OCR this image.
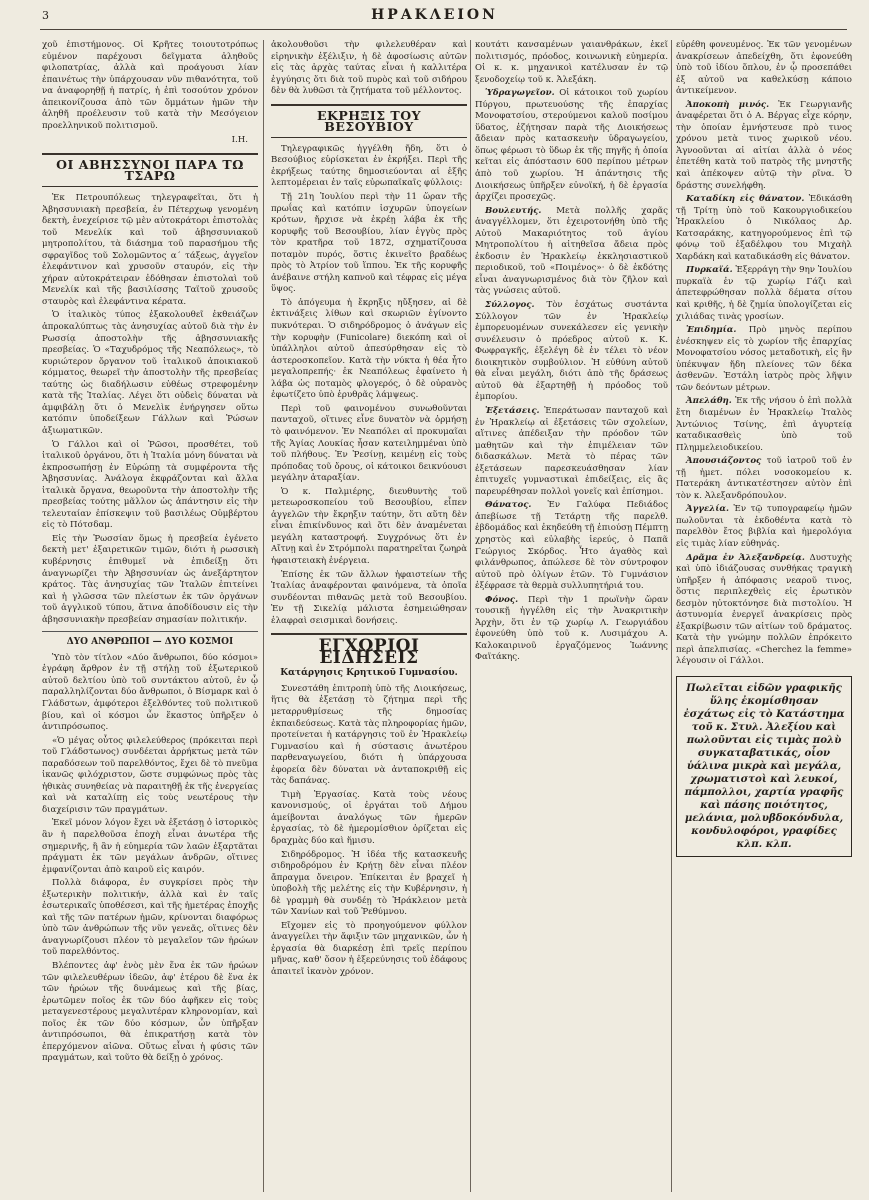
3	ΗΡΑΚΛΕΙΟΝ

χοῦ ἐπιστήμονος. Οἱ Κρῆτες τοιουτοτρόπως εὐμένον παρέχουσι δεῖγματα ἀληθοῦς φιλοπατρίας, ἀλλὰ καὶ προάγουσι λίαν ἐπαινέτως τὴν ὑπάρχουσαν νῦν πιθανότητα, τοῦ να ἀναφορηθῇ ἡ πατρίς, ἡ ἐπὶ τοσούτον χρόνον ἀπεικονίζουσα ἀπὸ τῶν ὄμμάτων ἡμῶν τὴν ἀληθῆ προέλευσιν τοῦ κατὰ τὴν Μεσόγειον προελληνικοῦ πολιτισμοῦ.

Ι.Η.

ΟΙ ΑΒΗΣΣΥΝΟΙ ΠΑΡΑ ΤΩ ΤΣΑΡΩ

Ἐκ Πετρουπόλεως τηλεγραφεῖται, ὅτι ἡ Ἀβησσυνιακὴ πρεσβεία, ἐν Πέτερχωφ γενομένη δεκτὴ, ἐνεχείρισε τῷ μὲν αὐτοκράτορι ἐπιστολὰς τοῦ Μενελίκ καὶ τοῦ ἀβησσυνιακοῦ μητροπολίτου, τὰ διάσημα τοῦ παρασήμου τῆς σφραγῖδος τοῦ Σολομῶντος α΄ τάξεως, ἀγγεῖον ἐλεφάντινον καὶ χρυσοῦν σταυρόν, εἰς τὴν χήραν αὐτοκράτειραν ἐδόθησαν ἐπιστολαὶ τοῦ Μενελίκ καὶ τῆς βασιλίσσης Ταϊτοῦ χρυσοῦς σταυρὸς καὶ ἐλεφάντινα κέρατα.

Ὁ ἰταλικὸς τύπος ἐξακολουθεῖ ἐκθειάζων ἀπροκαλύπτως τὰς ἀνησυχίας αὐτοῦ διὰ τὴν ἐν Ρωσσίᾳ ἀποστολὴν τῆς ἀβησσυνιακῆς πρεσβείας. Ὁ «Ταχυδρόμος τῆς Νεαπόλεως», τὸ κυριώτερον ὄργανον τοῦ ἰταλικοῦ ἀποικιακοῦ κόμματος, θεωρεῖ τὴν ἀποστολὴν τῆς πρεσβείας ταύτης ὡς διαδήλωσιν εὐθέως στρεφομένην κατὰ τῆς Ἰταλίας. Λέγει ὅτι οὐδεὶς δύναται νὰ ἀμφιβάλῃ ὅτι ὁ Μενελὶκ ἐνήργησεν οὕτω κατόπιν ὑποδείξεων Γάλλων καὶ Ῥώσων ἀξιωματικῶν.

Ὁ Γάλλοι καὶ οἱ Ῥῶσοι, προσθέτει, τοῦ ἰταλικοῦ ὀργάνου, ὅτι ἡ Ἰταλία μόνη δύναται νὰ ἐκπροσωπήσῃ ἐν Εὐρώπῃ τὰ συμφέροντα τῆς Ἀβησσυνίας. Ἀνάλογα ἐκφράζονται καὶ ἄλλα ἰταλικὰ ὄργανα, θεωροῦντα τὴν ἀποστολὴν τῆς πρεσβείας τούτης μᾶλλον ὡς ἀπάντησιν εἰς τὴν τελευταίαν ἐπίσκεψιν τοῦ βασιλέως Οὑμβέρτου εἰς τὸ Πότσδαμ.

Εἰς τὴν Ῥωσσίαν ὅμως ἡ πρεσβεία ἐγένετο δεκτὴ μετ' ἐξαιρετικῶν τιμῶν, διότι ἡ ρωσσικὴ κυβέρνησις ἐπιθυμεῖ νὰ ἐπιδείξῃ ὅτι ἀναγνωρίζει τὴν Ἀβησσυνίαν ὡς ἀνεξάρτητον κράτος. Τὰς ἀνησυχίας τῶν Ἰταλῶν ἐπιτείνει καὶ ἡ γλῶσσα τῶν πλείστων ἐκ τῶν ὀργάνων τοῦ ἀγγλικοῦ τύπου, ἅτινα ἀποδίδουσιν εἰς τὴν ἀβησσυνιακὴν πρεσβείαν σημασίαν πολιτικήν.

ΔΥΟ ΑΝΘΡΩΠΟΙ — ΔΥΟ ΚΟΣΜΟΙ

Ὑπὸ τὸν τίτλον «Δύο ἄνθρωποι, δύο κόσμοι» ἐγράφη ἄρθρον ἐν τῇ στήλῃ τοῦ ἐξωτερικοῦ αὐτοῦ δελτίου ὑπὸ τοῦ συντάκτου αὐτοῦ, ἐν ᾧ παραλληλίζονται δύο ἄνθρωποι, ὁ Βίσμαρκ καὶ ὁ Γλάδστων, ἀμφότεροι ἐξελθόντες τοῦ πολιτικοῦ βίου, καὶ οἱ κόσμοι ὧν ἕκαστος ὑπῆρξεν ὁ ἀντιπρόσωπος.

«Ὁ μέγας οὗτος φιλελεύθερος (πρόκειται περὶ τοῦ Γλάδστωνος) συνδέεται ἀρρήκτως μετὰ τῶν παραδόσεων τοῦ παρελθόντος, ἔχει δὲ τὸ πνεῦμα ἱκανῶς φιλόχριστον, ὥστε συμφώνως πρὸς τὰς ἠθικὰς συνηθείας νὰ παραιτηθῇ ἐκ τῆς ἐνεργείας καὶ νὰ καταλίπῃ εἰς τοὺς νεωτέρους τὴν διαχείρισιν τῶν πραγμάτων.

Ἐκεῖ μόνον λόγον ἔχει νὰ ἐξετάσῃ ὁ ἱστορικὸς ἂν ἡ παρελθοῦσα ἐποχὴ εἶναι ἀνωτέρα τῆς σημερινῆς, ἢ ἂν ἡ εὐημερία τῶν λαῶν ἐξαρτᾶται πράγματι ἐκ τῶν μεγάλων ἀνδρῶν, οἵτινες ἐμφανίζονται ἀπὸ καιροῦ εἰς καιρόν.

Πολλὰ διάφορα, ἐν συγκρίσει πρὸς τὴν ἐξωτερικὴν πολιτικήν, ἀλλὰ καὶ ἐν ταῖς ἐσωτερικαῖς ὑποθέσεσι, καὶ τῆς ἡμετέρας ἐποχῆς καὶ τῆς τῶν πατέρων ἡμῶν, κρίνονται διαφόρως ὑπὸ τῶν ἀνθρώπων τῆς νῦν γενεᾶς, οἵτινες δὲν ἀναγνωρίζουσι πλέον τὸ μεγαλεῖον τῶν ἡρώων τοῦ παρελθόντος.

Βλέποντες ἀφ' ἑνὸς μὲν ἕνα ἐκ τῶν ἡρώων τῶν φιλελευθέρων ἰδεῶν, ἀφ' ἑτέρου δὲ ἕνα ἐκ τῶν ἡρώων τῆς δυνάμεως καὶ τῆς βίας, ἐρωτῶμεν ποῖος ἐκ τῶν δύο ἀφῆκεν εἰς τοὺς μεταγενεστέρους μεγαλυτέραν κληρονομίαν, καὶ ποῖος ἐκ τῶν δύο κόσμων, ὧν ὑπῆρξαν ἀντιπρόσωποι, θὰ ἐπικρατήσῃ κατὰ τὸν ἐπερχόμενον αἰῶνα. Οὕτως εἶναι ἡ φύσις τῶν πραγμάτων, καὶ τοῦτο θὰ δείξῃ ὁ χρόνος.

ἀκολουθοῦσι τὴν φιλελευθέραν καὶ εἰρηνικὴν ἐξέλιξιν, ἡ δὲ ἀφοσίωσις αὐτῶν εἰς τὰς ἀρχὰς ταύτας εἶναι ἡ καλλιτέρα ἐγγύησις ὅτι διὰ τοῦ πυρὸς καὶ τοῦ σιδήρου δὲν θὰ λυθῶσι τὰ ζητήματα τοῦ μέλλοντος.

ΕΚΡΗΞΙΣ ΤΟΥ ΒΕΣΟΥΒΙΟΥ

Τηλεγραφικῶς ἠγγέλθη ἤδη, ὅτι ὁ Βεσούβιος εὑρίσκεται ἐν ἐκρήξει. Περὶ τῆς ἐκρήξεως ταύτης δημοσιεύονται αἱ ἑξῆς λεπτομέρειαι ἐν ταῖς εὐρωπαϊκαῖς φύλλοις:

Τῇ 21η Ἰουλίου περὶ τὴν 11 ὥραν τῆς πρωΐας καὶ κατόπιν ἰσχυρῶν ὑπογείων κρότων, ἤρχισε νὰ ἐκρέῃ λάβα ἐκ τῆς κορυφῆς τοῦ Βεσουβίου, λίαν ἐγγὺς πρὸς τὸν κρατῆρα τοῦ 1872, σχηματίζουσα ποταμὸν πυρός, ὅστις ἐκινεῖτο βραδέως πρὸς τὸ Ἀτρίον τοῦ ἵππου. Ἐκ τῆς κορυφῆς ἀνέβαινε στήλη καπνοῦ καὶ τέφρας εἰς μέγα ὕψος.

Τὸ ἀπόγευμα ἡ ἔκρηξις ηὔξησεν, αἱ δὲ ἐκτινάξεις λίθων καὶ σκωριῶν ἐγίνοντο πυκνότεραι. Ὁ σιδηρόδρομος ὁ ἀνάγων εἰς τὴν κορυφὴν (Funicolare) διεκόπη καὶ οἱ ὑπάλληλοι αὐτοῦ ἀπεσύρθησαν εἰς τὸ ἀστεροσκοπεῖον. Κατὰ τὴν νύκτα ἡ θέα ἦτο μεγαλοπρεπής· ἐκ Νεαπόλεως ἐφαίνετο ἡ λάβα ὡς ποταμὸς φλογερός, ὁ δὲ οὐρανὸς ἐφωτίζετο ὑπὸ ἐρυθρᾶς λάμψεως.

Περὶ τοῦ φαινομένου συνωθοῦνται πανταχοῦ, οἵτινες εἶνε δυνατὸν νὰ ὁρμήσῃ τὸ φαινόμενον. Ἐν Νεαπόλει αἱ προκυμαῖαι τῆς Ἁγίας Λουκίας ἦσαν κατειλημμέναι ὑπὸ τοῦ πλήθους. Ἐν Ῥεσίνῃ, κειμένῃ εἰς τοὺς πρόποδας τοῦ ὄρους, οἱ κάτοικοι δεικνύουσι μεγάλην ἀταραξίαν.

Ὁ κ. Παλμιέρης, διευθυντὴς τοῦ μετεωροσκοπείου τοῦ Βεσουβίου, εἶπεν ἀγγελῶν τὴν ἔκρηξιν ταύτην, ὅτι αὕτη δὲν εἶναι ἐπικίνδυνος καὶ ὅτι δὲν ἀναμένεται μεγάλη καταστροφή. Συγχρόνως ὅτι ἐν Αἴτνῃ καὶ ἐν Στρόμπολι παρατηρεῖται ζωηρὰ ἡφαιστειακὴ ἐνέργεια.

Ἐπίσης ἐκ τῶν ἄλλων ἡφαιστείων τῆς Ἰταλίας ἀναφέρονται φαινόμενα, τὰ ὁποῖα συνδέονται πιθανῶς μετὰ τοῦ Βεσουβίου. Ἐν τῇ Σικελίᾳ μάλιστα ἐσημειώθησαν ἐλαφραὶ σεισμικαὶ δονήσεις.

ΕΓΧΩΡΙΟΙ ΕΙΔΗΣΕΙΣ
Κατάργησις Κρητικοῦ Γυμνασίου.

Συνεστάθη ἐπιτροπὴ ὑπὸ τῆς Διοικήσεως, ἥτις θὰ ἐξετάσῃ τὸ ζήτημα περὶ τῆς μεταρρυθμίσεως τῆς δημοσίας ἐκπαιδεύσεως. Κατὰ τὰς πληροφορίας ἡμῶν, προτείνεται ἡ κατάργησις τοῦ ἐν Ἡρακλείῳ Γυμνασίου καὶ ἡ σύστασις ἀνωτέρου παρθεναγωγείου, διότι ἡ ὑπάρχουσα ἐφορεία δὲν δύναται νὰ ἀνταποκριθῇ εἰς τὰς δαπάνας.

Τιμὴ Ἐργασίας. Κατὰ τοὺς νέους κανονισμούς, οἱ ἐργάται τοῦ Δήμου ἀμείβονται ἀναλόγως τῶν ἡμερῶν ἐργασίας, τὸ δὲ ἡμερομίσθιον ὁρίζεται εἰς δραχμὰς δύο καὶ ἥμισυ.

Σιδηρόδρομος. Ἡ ἰδέα τῆς κατασκευῆς σιδηροδρόμου ἐν Κρήτῃ δὲν εἶναι πλέον ἄπραγμα ὄνειρον. Ἐπίκειται ἐν βραχεῖ ἡ ὑποβολὴ τῆς μελέτης εἰς τὴν Κυβέρνησιν, ἡ δὲ γραμμὴ θὰ συνδέῃ τὸ Ἡράκλειον μετὰ τῶν Χανίων καὶ τοῦ Ῥεθύμνου.

Εἴχομεν εἰς τὸ προηγούμενον φύλλον ἀναγγείλει τὴν ἄφιξιν τῶν μηχανικῶν, ὧν ἡ ἐργασία θὰ διαρκέσῃ ἐπὶ τρεῖς περίπου μῆνας, καθ' ὅσον ἡ ἐξερεύνησις τοῦ ἐδάφους ἀπαιτεῖ ἱκανὸν χρόνον.

κουτάτι κανσαμένων γαιανθράκων, ἐκεῖ πολιτισμός, πρόοδος, κοινωνικὴ εὐημερία. Οἱ κ. κ. μηχανικοὶ κατέλυσαν ἐν τῷ ξενοδοχείῳ τοῦ κ. Ἀλεξάκη.

Ὑδραγωγεῖον. Οἱ κάτοικοι τοῦ χωρίου Πύργου, πρωτευούσης τῆς ἐπαρχίας Μονοφατσίου, στερούμενοι καλοῦ ποσίμου ὕδατος, ἐζήτησαν παρὰ τῆς Διοικήσεως ἄδειαν πρὸς κατασκευὴν ὑδραγωγείου, ὅπως φέρωσι τὸ ὕδωρ ἐκ τῆς πηγῆς ἡ ὁποία κεῖται εἰς ἀπόστασιν 600 περίπου μέτρων ἀπὸ τοῦ χωρίου. Ἡ ἀπάντησις τῆς Διοικήσεως ὑπῆρξεν εὐνοϊκή, ἡ δὲ ἐργασία ἀρχίζει προσεχῶς.

Βουλευτής. Μετὰ πολλῆς χαρᾶς ἀναγγέλλομεν, ὅτι ἐχειροτονήθη ὑπὸ τῆς Αὐτοῦ Μακαριότητος τοῦ ἁγίου Μητροπολίτου ἡ αἰτηθεῖσα ἄδεια πρὸς ἐκδοσιν ἐν Ἡρακλείῳ ἐκκλησιαστικοῦ περιοδικοῦ, τοῦ «Ποιμένος»· ὁ δὲ ἐκδότης εἶναι ἀναγνωρισμένος διὰ τὸν ζῆλον καὶ τὰς γνώσεις αὐτοῦ.

Σύλλογος. Τὸν ἐσχάτως συστάντα Σύλλογον τῶν ἐν Ἡρακλείῳ ἐμπορευομένων συνεκάλεσεν εἰς γενικὴν συνέλευσιν ὁ πρόεδρος αὐτοῦ κ. Κ. Φωφραγκῆς, ἐξελέγη δὲ ἐν τέλει τὸ νέον διοικητικὸν συμβούλιον. Ἡ εὐθύνη αὐτοῦ θὰ εἶναι μεγάλη, διότι ἀπὸ τῆς δράσεως αὐτοῦ θὰ ἐξαρτηθῇ ἡ πρόοδος τοῦ ἐμπορίου.

Ἐξετάσεις. Ἐπεράτωσαν πανταχοῦ καὶ ἐν Ἡρακλείῳ αἱ ἐξετάσεις τῶν σχολείων, αἵτινες ἀπέδειξαν τὴν πρόοδον τῶν μαθητῶν καὶ τὴν ἐπιμέλειαν τῶν διδασκάλων. Μετὰ τὸ πέρας τῶν ἐξετάσεων παρεσκευάσθησαν λίαν ἐπιτυχεῖς γυμναστικαὶ ἐπιδείξεις, εἰς ἃς παρευρέθησαν πολλοὶ γονεῖς καὶ ἐπίσημοι.

Θάνατος. Ἐν Γαλύφα Πεδιάδος ἀπεβίωσε τῇ Τετάρτῃ τῆς παρελθ. ἑβδομάδος καὶ ἐκηδεύθη τῇ ἐπιούσῃ Πέμπτῃ χρηστὸς καὶ εὐλαβὴς ἱερεύς, ὁ Παπᾶ Γεώργιος Σκόρδος. Ἦτο ἀγαθὸς καὶ φιλάνθρωπος, ἀπώλεσε δὲ τὸν σύντροφον αὐτοῦ πρὸ ὀλίγων ἐτῶν. Τὸ Γυμνάσιον ἐξέφρασε τὰ θερμὰ συλλυπητήριά του.

Φόνος. Περὶ τὴν 1 πρωϊνὴν ὥραν τουσικῇ ἠγγέλθη εἰς τὴν Ἀνακριτικὴν Ἀρχὴν, ὅτι ἐν τῷ χωρίῳ Λ. Γεωργιάδου ἐφονεύθη ὑπὸ τοῦ κ. Λυσιμάχου Α. Καλοκαιρινοῦ ἐργαζόμενος Ἰωάννης Φαϊτάκης.

εὐρέθη φονευμένος. Ἐκ τῶν γενομένων ἀνακρίσεων ἀπεδείχθη, ὅτι ἐφονεύθη ὑπὸ τοῦ ἰδίου ὅπλου, ἐν ᾧ προσεπάθει ἐξ αὐτοῦ να καθελκύσῃ κάποιο ἀντικείμενον.

Ἀποκοπὴ μινός. Ἐκ Γεωργιανῆς ἀναφέρεται ὅτι ὁ Α. Βέργας εἶχε κόρην, τὴν ὁποίαν ἐμνήστευσε πρὸ τινος χρόνου μετὰ τινος χωρικοῦ νέου. Ἀγνοοῦνται αἱ αἰτίαι ἀλλὰ ὁ νέος ἐπετέθη κατὰ τοῦ πατρὸς τῆς μνηστῆς καὶ ἀπέκοψεν αὐτῷ τὴν ρῖνα. Ὁ δράστης συνελήφθη.

Καταδίκη εἰς θάνατον. Ἐδικάσθη τῇ Τρίτῃ ὑπὸ τοῦ Κακουργιοδικείου Ἡρακλείου ὁ Νικόλαος Δρ. Κατσαράκης, κατηγορούμενος ἐπὶ τῷ φόνῳ τοῦ ἐξαδέλφου του Μιχαὴλ Χαρδάκη καὶ καταδικάσθη εἰς θάνατον.

Πυρκαϊά. Ἐξερράγη τὴν 9ην Ἰουλίου πυρκαϊὰ ἐν τῷ χωρίῳ Γάζι καὶ ἀπετεφρώθησαν πολλὰ δέματα σίτου καὶ κριθῆς, ἡ δὲ ζημία ὑπολογίζεται εἰς χιλιάδας τινὰς γροσίων.

Ἐπιδημία. Πρὸ μηνὸς περίπου ἐνέσκηψεν εἰς τὸ χωρίον τῆς ἐπαρχίας Μονοφατσίου νόσος μεταδοτικὴ, εἰς ἣν ὑπέκυψαν ἤδη πλείονες τῶν δέκα ἀσθενῶν. Ἐστάλη ἰατρὸς πρὸς λῆψιν τῶν δεόντων μέτρων.

Ἀπελάθη. Ἐκ τῆς νήσου ὁ ἐπὶ πολλὰ ἔτη διαμένων ἐν Ἡρακλείῳ Ἰταλὸς Ἀντώνιος Τσίνης, ἐπὶ ἀγυρτείᾳ καταδικασθεὶς ὑπὸ τοῦ Πλημμελειοδικείου.

Ἀπουσιάζοντος τοῦ ἰατροῦ τοῦ ἐν τῇ ἡμετ. πόλει νοσοκομείου κ. Πατεράκη ἀντικατέστησεν αὐτὸν ἐπὶ τὸν κ. Ἀλεξανδρόπουλον.

Ἀγγελία. Ἐν τῷ τυπογραφείῳ ἡμῶν πωλοῦνται τὰ ἐκδοθέντα κατὰ τὸ παρελθὸν ἔτος βιβλία καὶ ἡμερολόγια εἰς τιμὰς λίαν εὐθηνάς.

Δρᾶμα ἐν Ἀλεξανδρείᾳ. Δυστυχὴς καὶ ὑπὸ ἰδιάζουσας συνθήκας τραγικὴ ὑπῆρξεν ἡ ἀπόφασις νεαροῦ τινος, ὅστις περιπλεχθεὶς εἰς ἐρωτικὸν δεσμὸν ηὐτοκτόνησε διὰ πιστολίου. Ἡ ἀστυνομία ἐνεργεῖ ἀνακρίσεις πρὸς ἐξακρίβωσιν τῶν αἰτίων τοῦ δράματος. Κατὰ τὴν γνώμην πολλῶν ἐπρόκειτο περὶ ἀπελπισίας. «Cherchez la femme» λέγουσιν οἱ Γάλλοι.

Πωλεῖται εἰδῶν γραφικῆς ὕλης ἐκομίσθησαν ἐσχάτως εἰς τὸ Κατάστημα τοῦ κ. Στυλ. Ἀλεξίου καὶ πωλοῦνται εἰς τιμὰς πολὺ συγκαταβατικάς, οἷον ὑάλινα μικρὰ καὶ μεγάλα, χρωματιστοὶ καὶ λευκοί, πάμπολλοι, χαρτία γραφῆς καὶ πάσης ποιότητος, μελάνια, μολυβδοκόνδυλα, κονδυλοφόροι, γραφίδες κλπ. κλπ.
